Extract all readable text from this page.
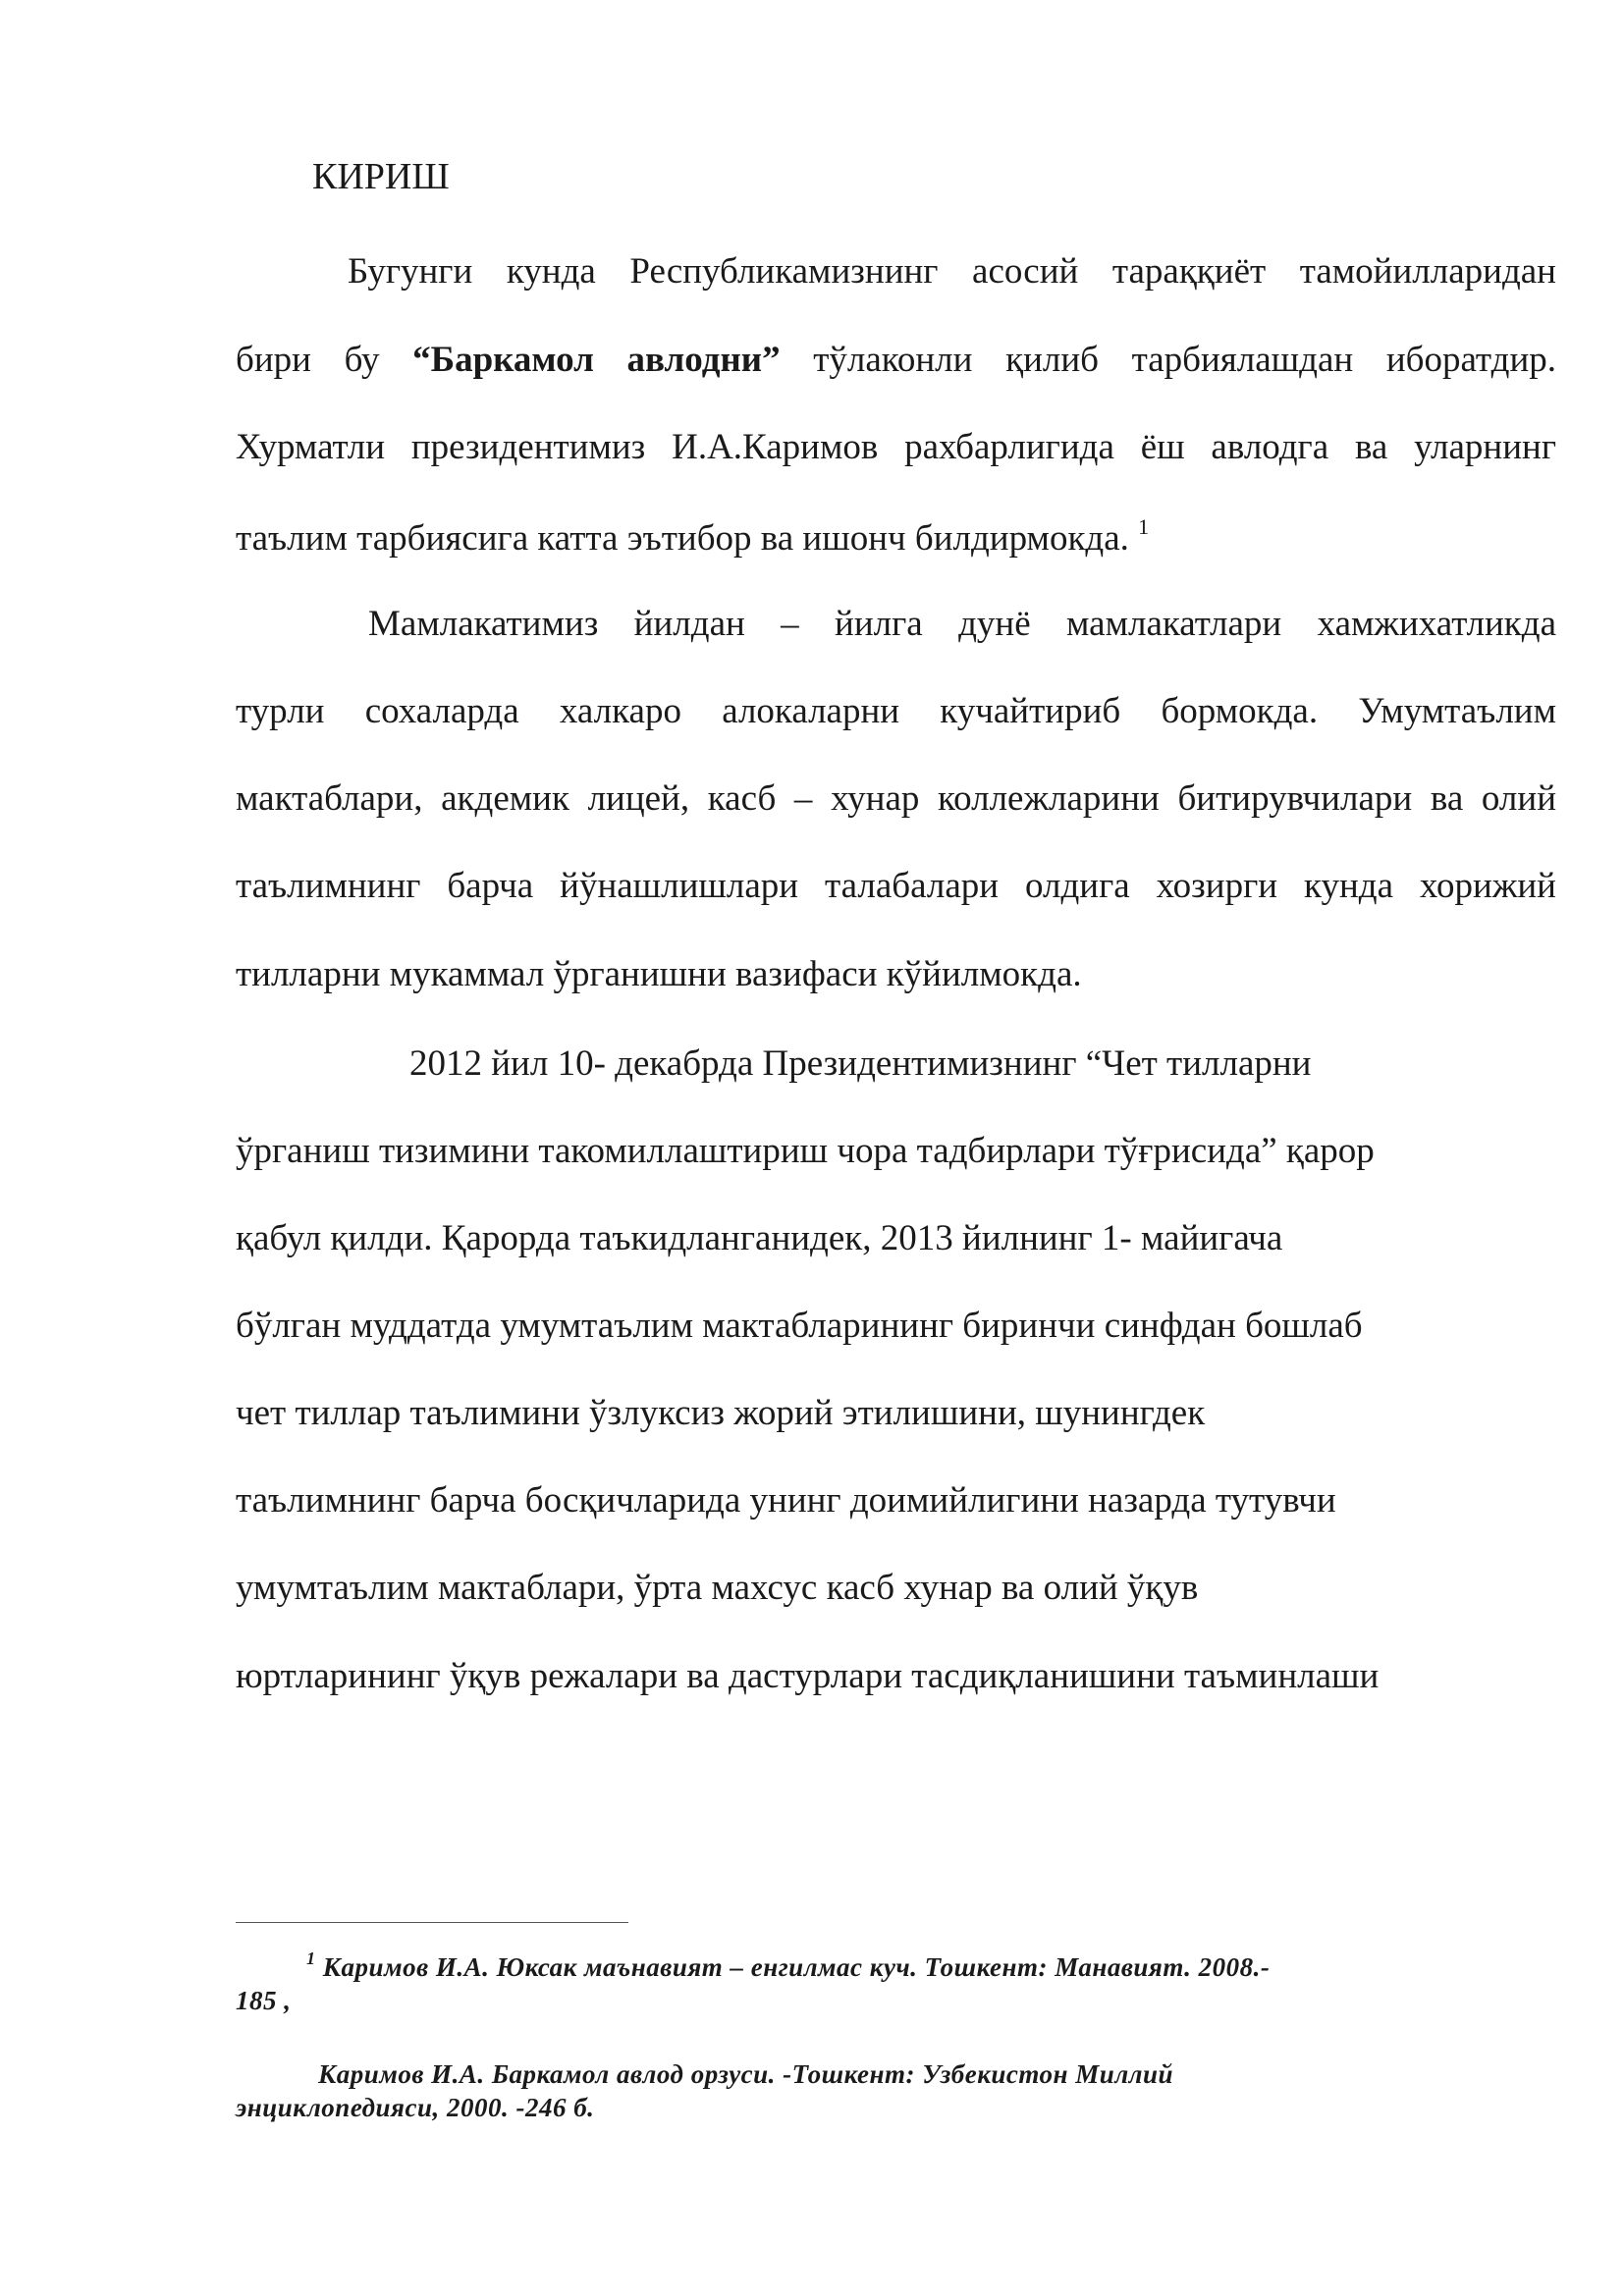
КИРИШ
Бугунги кунда Республикамизнинг асосий тараққиёт тамойилларидан
бири бу “Баркамол авлодни” тўлаконли қилиб тарбиялашдан иборатдир.
Хурматли президентимиз И.А.Каримов рахбарлигида ёш авлодга ва уларнинг
таълим тарбиясига катта эътибор ва ишонч билдирмокда. $^1$
Мамлакатимиз йилдан – йилга дунё мамлакатлари хамжихатликда
турли сохаларда халкаро алокаларни кучайтириб бормокда. Умумтаълим
мактаблари, акдемик лицей, касб – хунар коллежларини битирувчилари ва олий
таълимнинг барча йўнашлишлари талабалари олдига хозирги кунда хорижий
тилларни мукаммал ўрганишни вазифаси кўйилмокда.
2012 йил 10- декабрда Президентимизнинг “Чет тилларни
ўрганиш тизимини такомиллаштириш чора тадбирлари тўғрисида” қарор
қабул қилди. Қарорда таъкидланганидек, 2013 йилнинг 1- майигача
бўлган муддатда умумтаълим мактабларининг биринчи синфдан бошлаб
чет тиллар таълимини ўзлуксиз жорий этилишини, шунингдек
таълимнинг барча босқичларида унинг доимийлигини назарда тутувчи
умумтаълим мактаблари, ўрта махсус касб хунар ва олий ўқув
юртларининг ўқув режалари ва дастурлари тасдиқланишини таъминлаши
$^1$ Каримов И.А. Юксак маънавият – енгилмас куч. Тошкент: Манавият. 2008.-
185 ,
Каримов И.А. Баркамол авлод орзуси. -Тошкент: Узбекистон Миллий
энциклопедияси, 2000. -246 б.
